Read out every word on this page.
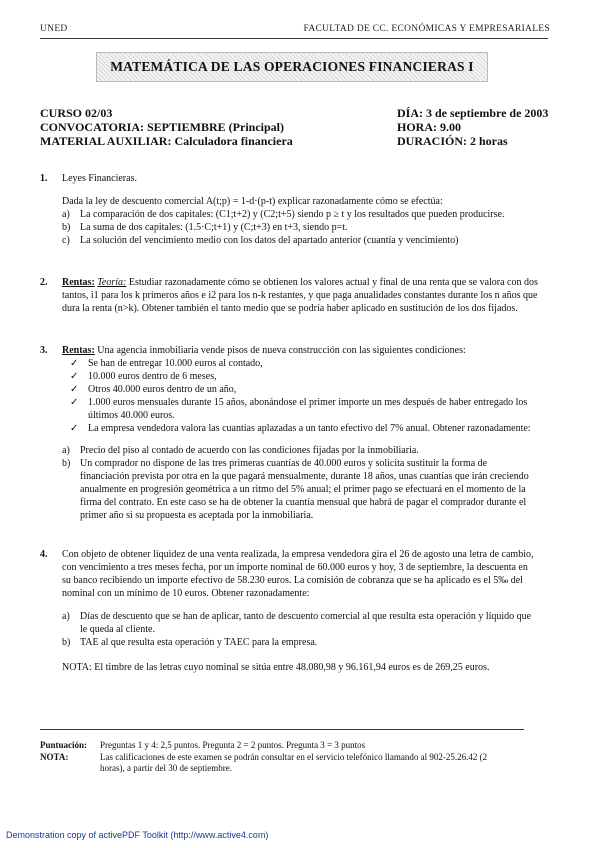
UNED	FACULTAD DE CC. ECONÓMICAS Y EMPRESARIALES
MATEMÁTICA DE LAS OPERACIONES FINANCIERAS I
CURSO 02/03
CONVOCATORIA: SEPTIEMBRE (Principal)
MATERIAL AUXILIAR: Calculadora financiera
DÍA: 3 de septiembre de 2003
HORA: 9.00
DURACIÓN: 2 horas
1. Leyes Financieras.
Dada la ley de descuento comercial A(t;p) = 1-d·(p-t) explicar razonadamente cómo se efectúa:
a) La comparación de dos capitales: (C1;t+2) y (C2;t+5) siendo p ≥ t y los resultados que pueden producirse.
b) La suma de dos capitales: (1.5·C;t+1) y (C;t+3) en t+3, siendo p=t.
c) La solución del vencimiento medio con los datos del apartado anterior (cuantía y vencimiento)
2. Rentas: Teoría: Estudiar razonadamente cómo se obtienen los valores actual y final de una renta que se valora con dos
tantos, i1 para los k primeros años e i2 para los n-k restantes, y que paga anualidades constantes durante los n años que
dura la renta (n>k). Obtener también el tanto medio que se podría haber aplicado en sustitución de los dos fijados.
3. Rentas: Una agencia inmobiliaria vende pisos de nueva construcción con las siguientes condiciones:
✓ Se han de entregar 10.000 euros al contado,
✓ 10.000 euros dentro de 6 meses,
✓ Otros 40.000 euros dentro de un año,
✓ 1.000 euros mensuales durante 15 años, abonándose el primer importe un mes después de haber entregado los
últimos 40.000 euros.
✓ La empresa vendedora valora las cuantías aplazadas a un tanto efectivo del 7% anual. Obtener razonadamente:
a) Precio del piso al contado de acuerdo con las condiciones fijadas por la inmobiliaria.
b) Un comprador no dispone de las tres primeras cuantías de 40.000 euros y solicita sustituir la forma de
financiación prevista por otra en la que pagará mensualmente, durante 18 años, unas cuantías que irán creciendo
anualmente en progresión geométrica a un ritmo del 5% anual; el primer pago se efectuará en el momento de la
firma del contrato. En este caso se ha de obtener la cuantía mensual que habrá de pagar el comprador durante el
primer año si su propuesta es aceptada por la inmobiliaria.
4. Con objeto de obtener liquidez de una venta realizada, la empresa vendedora gira el 26 de agosto una letra de cambio,
con vencimiento a tres meses fecha, por un importe nominal de 60.000 euros y hoy, 3 de septiembre, la descuenta en
su banco recibiendo un importe efectivo de 58.230 euros. La comisión de cobranza que se ha aplicado es el 5‰ del
nominal con un mínimo de 10 euros. Obtener razonadamente:
a) Días de descuento que se han de aplicar, tanto de descuento comercial al que resulta esta operación y líquido que
le queda al cliente.
b) TAE al que resulta esta operación y TAEC para la empresa.
NOTA: El timbre de las letras cuyo nominal se sitúa entre 48.080,98 y 96.161,94 euros es de 269,25 euros.
Puntuación: Preguntas 1 y 4: 2,5 puntos. Pregunta 2 = 2 puntos. Pregunta 3 = 3 puntos
NOTA:	Las calificaciones de este examen se podrán consultar en el servicio telefónico llamando al 902-25.26.42 (2
horas), a partir del 30 de septiembre.
Demonstration copy of activePDF Toolkit (http://www.active4.com)
